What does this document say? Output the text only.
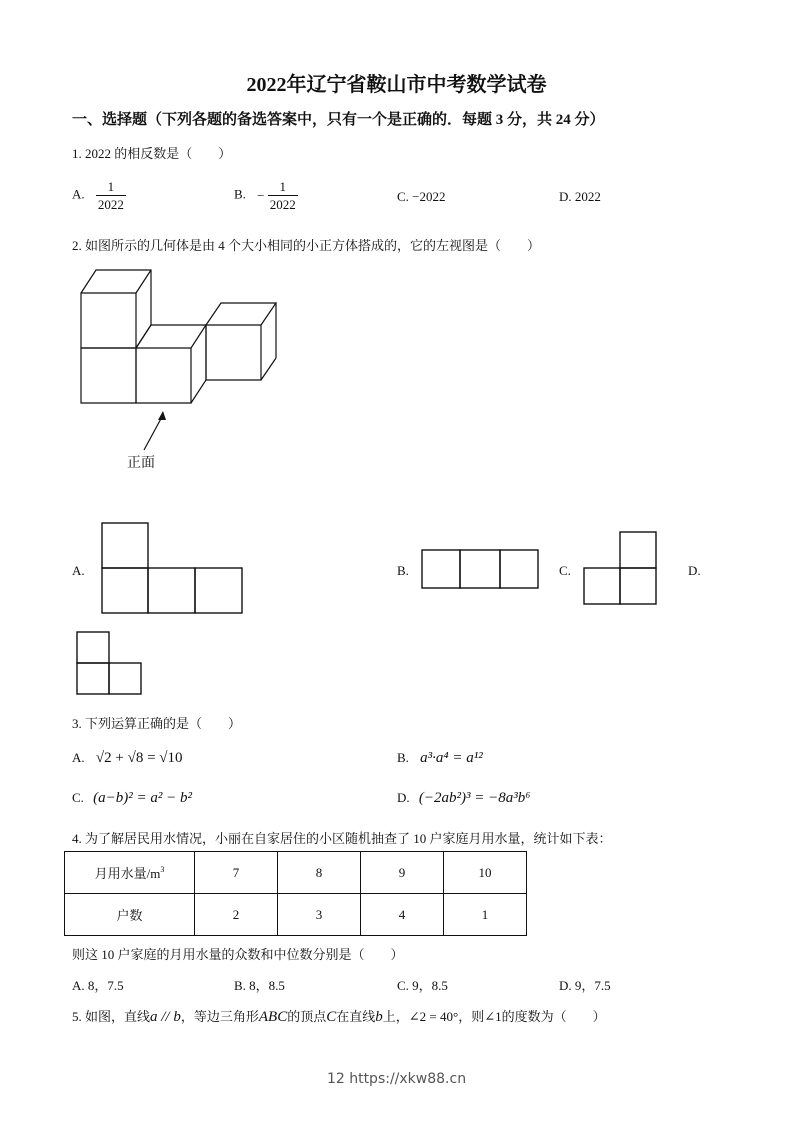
2022年辽宁省鞍山市中考数学试卷
一、选择题（下列各题的备选答案中，只有一个是正确的．每题 3 分，共 24 分）
1. 2022 的相反数是（　　）
A. $\frac{1}{2022}$	B. − $\frac{1}{2022}$	C. −2022	D. 2022
2. 如图所示的几何体是由 4 个大小相同的小正方体搭成的，它的左视图是（　　）
正面
A.	B.	C.	D.
3. 下列运算正确的是（　　）
A. √2 + √8 = √10	B. a³·a⁴ = a¹²
C. (a−b)² = a² − b²	D. (−2ab²)³ = −8a³b⁶
4. 为了解居民用水情况，小丽在自家居住的小区随机抽查了 10 户家庭月用水量，统计如下表：
月用水量$/m^3$	7	8	9	10
户数	2	3	4	1
则这 10 户家庭的月用水量的众数和中位数分别是（　　）
A. 8，7.5	B. 8，8.5	C. 9，8.5	D. 9，7.5
5. 如图，直线a // b，等边三角形ABC的顶点C在直线b上，∠2 = 40°，则∠1的度数为（　　）
12 https://xkw88.cn
